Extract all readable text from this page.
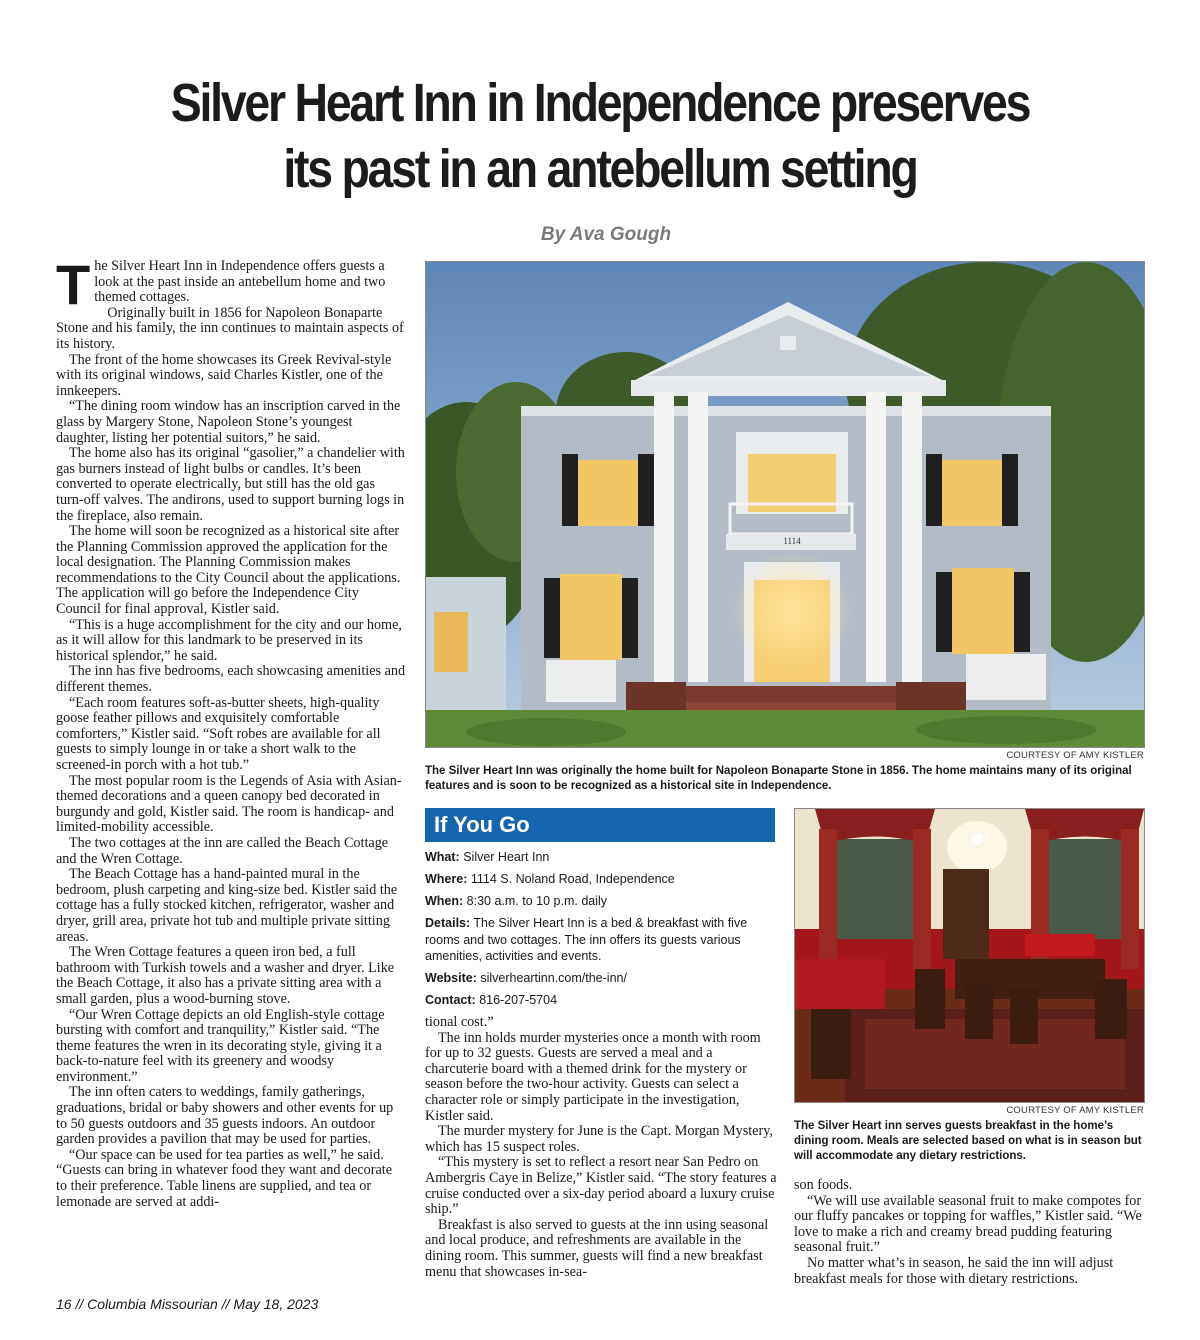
Silver Heart Inn in Independence preserves
its past in an antebellum setting
By Ava Gough

The Silver Heart Inn in Independence offers guests a look at the past inside an antebellum home and two themed cottages.

Originally built in 1856 for Napoleon Bonaparte Stone and his family, the inn continues to maintain aspects of its history.

The front of the home showcases its Greek Revival-style with its original windows, said Charles Kistler, one of the innkeepers.

“The dining room window has an inscription carved in the glass by Margery Stone, Napoleon Stone’s youngest daughter, listing her potential suitors,” he said.

The home also has its original “gasolier,” a chandelier with gas burners instead of light bulbs or candles. It’s been converted to operate electrically, but still has the old gas turn-off valves. The andirons, used to support burning logs in the fireplace, also remain.

The home will soon be recognized as a historical site after the Planning Commission approved the application for the local designation. The Planning Commission makes recommendations to the City Council about the applications. The application will go before the Independence City Council for final approval, Kistler said.

“This is a huge accomplishment for the city and our home, as it will allow for this landmark to be preserved in its historical splendor,” he said.

The inn has five bedrooms, each showcasing amenities and different themes.

“Each room features soft-as-butter sheets, high-quality goose feather pillows and exquisitely comfortable comforters,” Kistler said. “Soft robes are available for all guests to simply lounge in or take a short walk to the screened-in porch with a hot tub.”

The most popular room is the Legends of Asia with Asian-themed decorations and a queen canopy bed decorated in burgundy and gold, Kistler said. The room is handicap- and limited-mobility accessible.

The two cottages at the inn are called the Beach Cottage and the Wren Cottage.

The Beach Cottage has a hand-painted mural in the bedroom, plush carpeting and king-size bed. Kistler said the cottage has a fully stocked kitchen, refrigerator, washer and dryer, grill area, private hot tub and multiple private sitting areas.

The Wren Cottage features a queen iron bed, a full bathroom with Turkish towels and a washer and dryer. Like the Beach Cottage, it also has a private sitting area with a small garden, plus a wood-burning stove.

“Our Wren Cottage depicts an old English-style cottage bursting with comfort and tranquility,” Kistler said. “The theme features the wren in its decorating style, giving it a back-to-nature feel with its greenery and woodsy environment.”

The inn often caters to weddings, family gatherings, graduations, bridal or baby showers and other events for up to 50 guests outdoors and 35 guests indoors. An outdoor garden provides a pavilion that may be used for parties.

“Our space can be used for tea parties as well,” he said. “Guests can bring in whatever food they want and decorate to their preference. Table linens are supplied, and tea or lemonade are served at addi-

1114
COURTESY OF AMY KISTLER
The Silver Heart Inn was originally the home built for Napoleon Bonaparte Stone in 1856. The home maintains many of its original features and is soon to be recognized as a historical site in Independence.
If You Go
What: Silver Heart Inn
Where: 1114 S. Noland Road, Independence
When: 8:30 a.m. to 10 p.m. daily
Details: The Silver Heart Inn is a bed & breakfast with five rooms and two cottages. The inn offers its guests various amenities, activities and events.
Website: silverheartinn.com/the-inn/
Contact: 816-207-5704

tional cost.”

The inn holds murder mysteries once a month with room for up to 32 guests. Guests are served a meal and a charcuterie board with a themed drink for the mystery or season before the two-hour activity. Guests can select a character role or simply participate in the investigation, Kistler said.

The murder mystery for June is the Capt. Morgan Mystery, which has 15 suspect roles.

“This mystery is set to reflect a resort near San Pedro on Ambergris Caye in Belize,” Kistler said. “The story features a cruise conducted over a six-day period aboard a luxury cruise ship.”

Breakfast is also served to guests at the inn using seasonal and local produce, and refreshments are available in the dining room. This summer, guests will find a new breakfast menu that showcases in-sea-

COURTESY OF AMY KISTLER
The Silver Heart inn serves guests breakfast in the home’s dining room. Meals are selected based on what is in season but will accommodate any dietary restrictions.

son foods.

“We will use available seasonal fruit to make compotes for our fluffy pancakes or topping for waffles,” Kistler said. “We love to make a rich and creamy bread pudding featuring seasonal fruit.”

No matter what’s in season, he said the inn will adjust breakfast meals for those with dietary restrictions.

16 // Columbia Missourian // May 18, 2023
